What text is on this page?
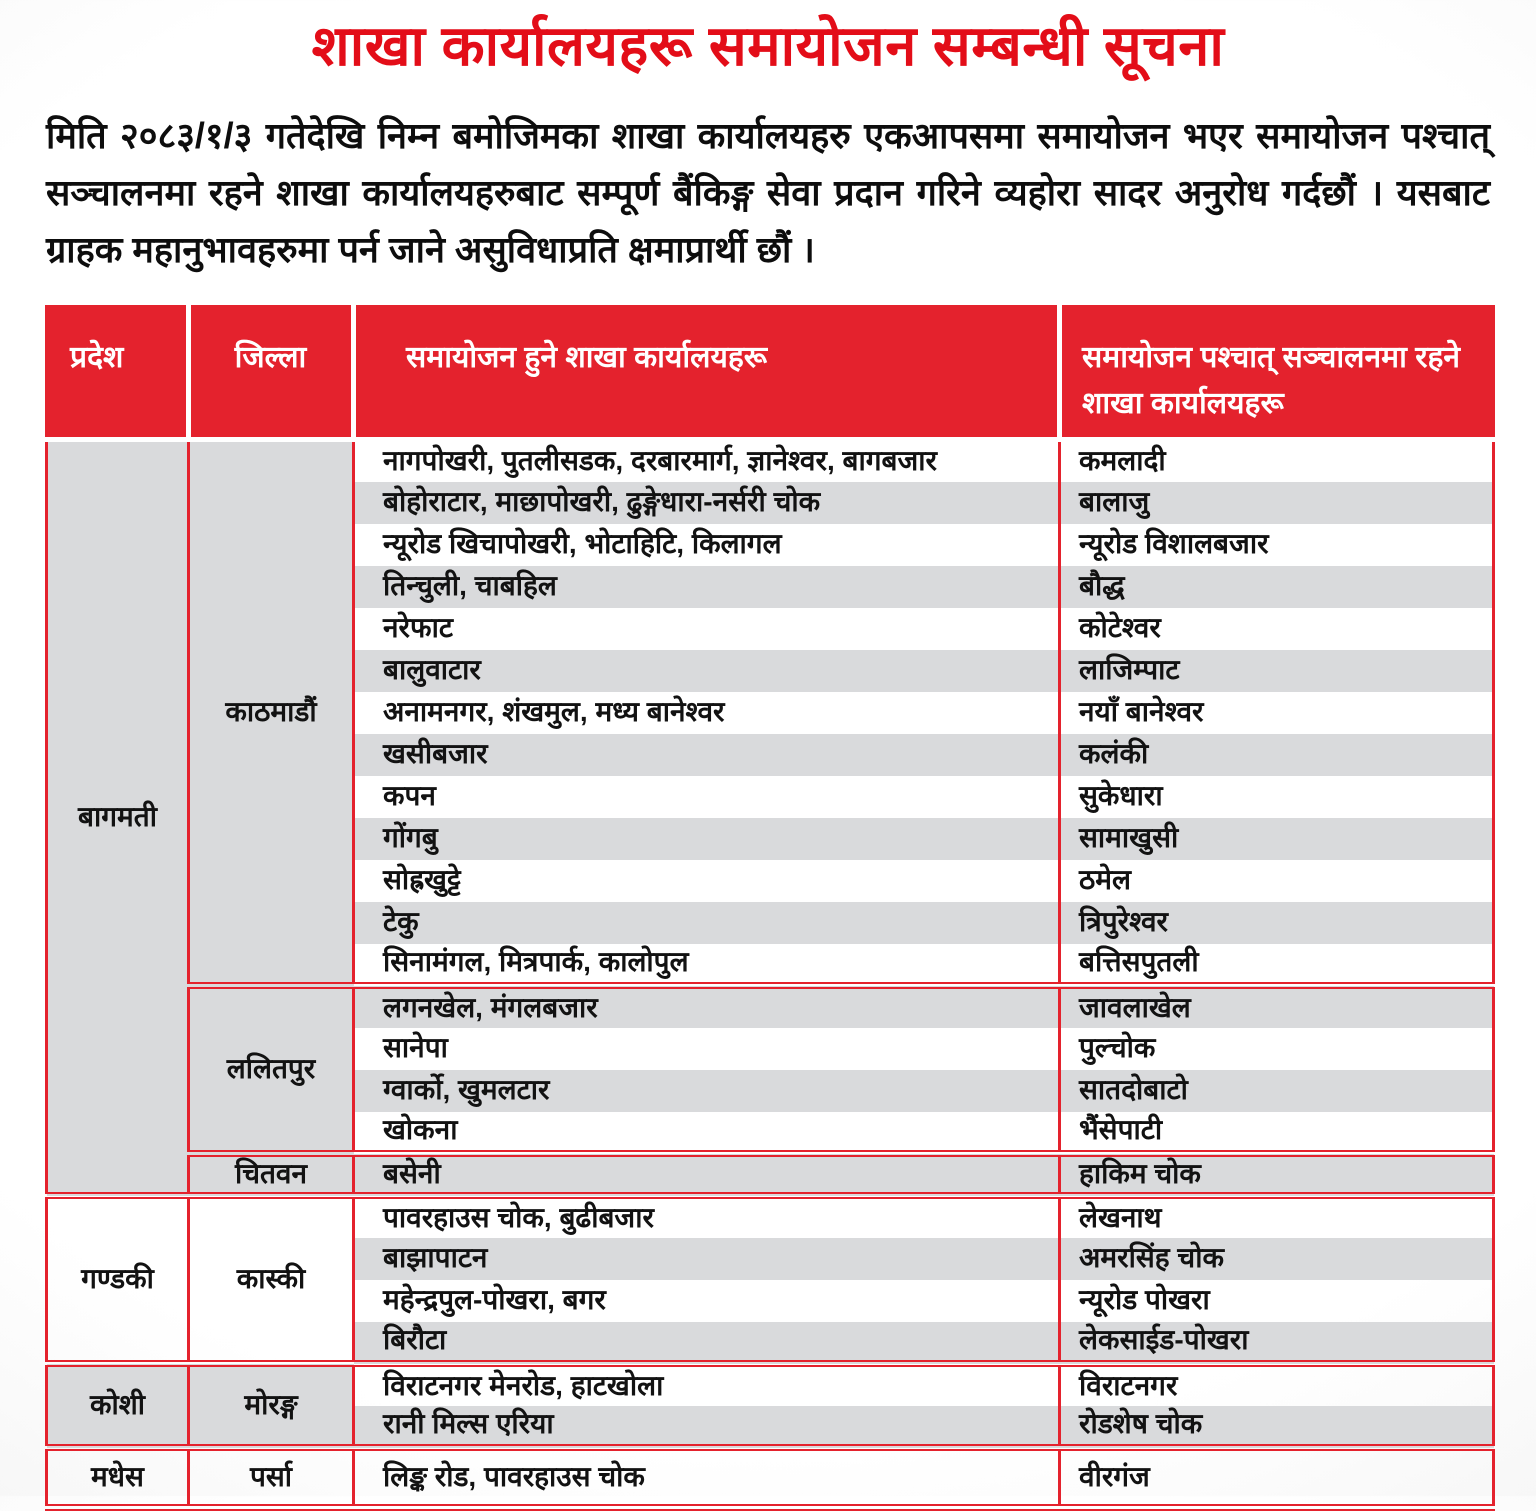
शाखा कार्यालयहरू समायोजन सम्बन्धी सूचना

मिति २०८३/१/३ गतेदेखि निम्न बमोजिमका शाखा कार्यालयहरु एकआपसमा समायोजन भएर समायोजन पश्चात् सञ्चालनमा रहने शाखा कार्यालयहरुबाट सम्पूर्ण बैंकिङ्ग सेवा प्रदान गरिने व्यहोरा सादर अनुरोध गर्दछौं । यसबाट ग्राहक महानुभावहरुमा पर्न जाने असुविधाप्रति क्षमाप्रार्थी छौं ।

प्रदेश	जिल्ला	समायोजन हुने शाखा कार्यालयहरू	समायोजन पश्चात् सञ्चालनमा रहने शाखा कार्यालयहरू
बागमती	काठमाडौं	नागपोखरी, पुतलीसडक, दरबारमार्ग, ज्ञानेश्वर, बागबजार	कमलादी
		बोहोराटार, माछापोखरी, ढुङ्गेधारा-नर्सरी चोक	बालाजु
		न्यूरोड खिचापोखरी, भोटाहिटि, किलागल	न्यूरोड विशालबजार
		तिन्चुली, चाबहिल	बौद्ध
		नरेफाट	कोटेश्वर
		बालुवाटार	लाजिम्पाट
		अनामनगर, शंखमुल, मध्य बानेश्वर	नयाँ बानेश्वर
		खसीबजार	कलंकी
		कपन	सुकेधारा
		गोंगबु	सामाखुसी
		सोह्रखुट्टे	ठमेल
		टेकु	त्रिपुरेश्वर
		सिनामंगल, मित्रपार्क, कालोपुल	बत्तिसपुतली
	ललितपुर	लगनखेल, मंगलबजार	जावलाखेल
		सानेपा	पुल्चोक
		ग्वार्को, खुमलटार	सातदोबाटो
		खोकना	भैंसेपाटी
	चितवन	बसेनी	हाकिम चोक
गण्डकी	कास्की	पावरहाउस चोक, बुढीबजार	लेखनाथ
		बाझापाटन	अमरसिंह चोक
		महेन्द्रपुल-पोखरा, बगर	न्यूरोड पोखरा
		बिरौटा	लेकसाईड-पोखरा
कोशी	मोरङ्ग	विराटनगर मेनरोड, हाटखोला	विराटनगर
		रानी मिल्स एरिया	रोडशेष चोक
मधेस	पर्सा	लिङ्क रोड, पावरहाउस चोक	वीरगंज
